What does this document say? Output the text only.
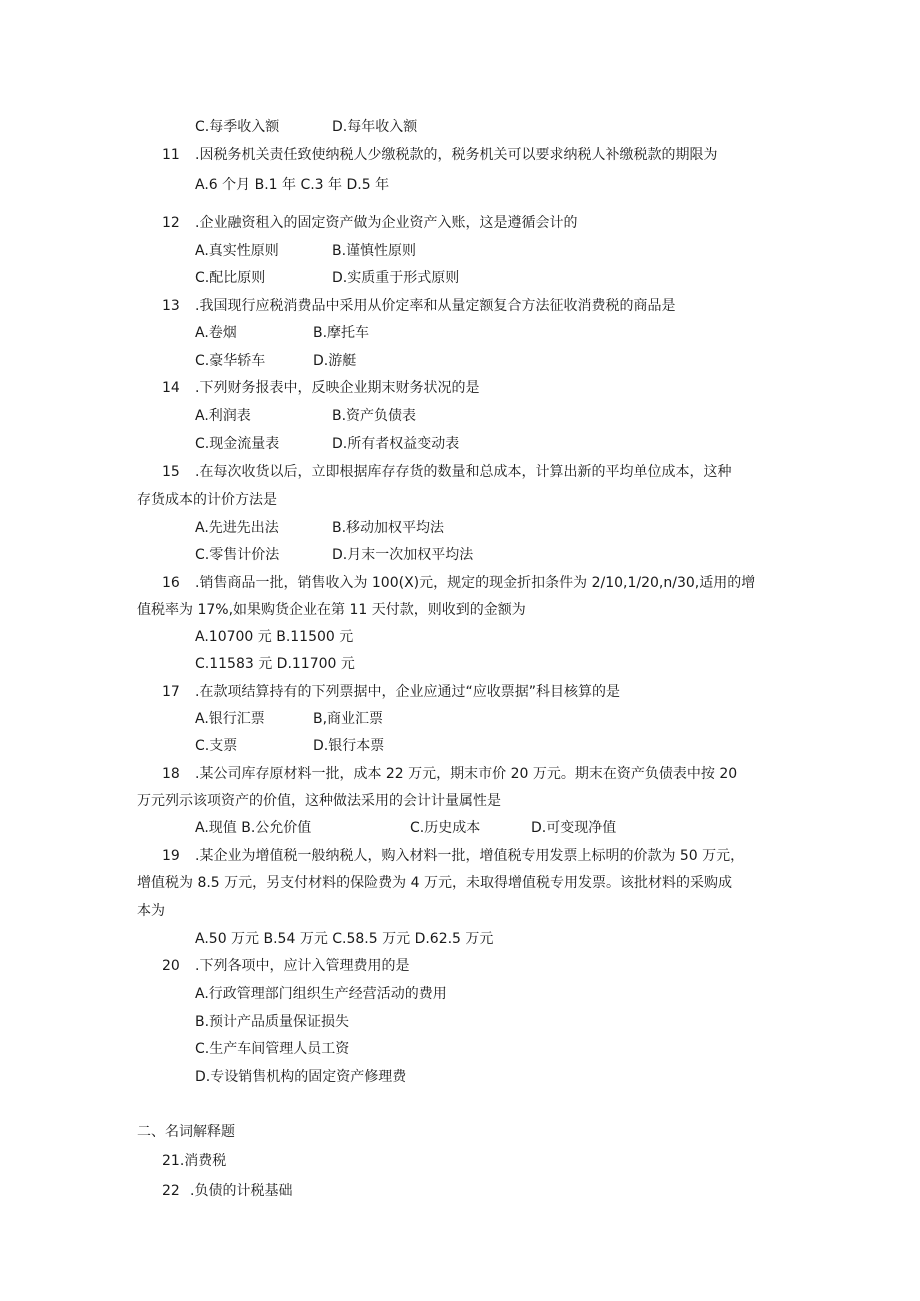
C.每季收入额	D.每年收入额
11 .因税务机关责任致使纳税人少缴税款的，税务机关可以要求纳税人补缴税款的期限为
A.6 个月 B.1 年 C.3 年 D.5 年
12 .企业融资租入的固定资产做为企业资产入账，这是遵循会计的
A.真实性原则	B.谨慎性原则
C.配比原则	D.实质重于形式原则
13 .我国现行应税消费品中采用从价定率和从量定额复合方法征收消费税的商品是
A.卷烟	B.摩托车
C.豪华轿车	D.游艇
14 .下列财务报表中，反映企业期末财务状况的是
A.利润表	B.资产负债表
C.现金流量表	D.所有者权益变动表
15 .在每次收货以后，立即根据库存存货的数量和总成本，计算出新的平均单位成本，这种
存货成本的计价方法是
A.先进先出法	B.移动加权平均法
C.零售计价法	D.月末一次加权平均法
16 .销售商品一批，销售收入为 100(X)元，规定的现金折扣条件为 2/10,1/20,n/30,适用的增
值税率为 17%,如果购货企业在第 11 天付款，则收到的金额为
A.10700 元 B.11500 元
C.11583 元 D.11700 元
17 .在款项结算持有的下列票据中，企业应通过“应收票据”科目核算的是
A.银行汇票	B,商业汇票
C.支票	D.银行本票
18 .某公司库存原材料一批，成本 22 万元，期末市价 20 万元。期末在资产负债表中按 20
万元列示该项资产的价值，这种做法采用的会计计量属性是
A.现值 B.公允价值	C.历史成本	D.可变现净值
19 .某企业为增值税一般纳税人，购入材料一批，增值税专用发票上标明的价款为 50 万元，
增值税为 8.5 万元，另支付材料的保险费为 4 万元，未取得增值税专用发票。该批材料的采购成
本为
A.50 万元 B.54 万元 C.58.5 万元 D.62.5 万元
20 .下列各项中，应计入管理费用的是
A.行政管理部门组织生产经营活动的费用
B.预计产品质量保证损失
C.生产车间管理人员工资
D.专设销售机构的固定资产修理费
二、名词解释题
21.消费税
22 .负债的计税基础
